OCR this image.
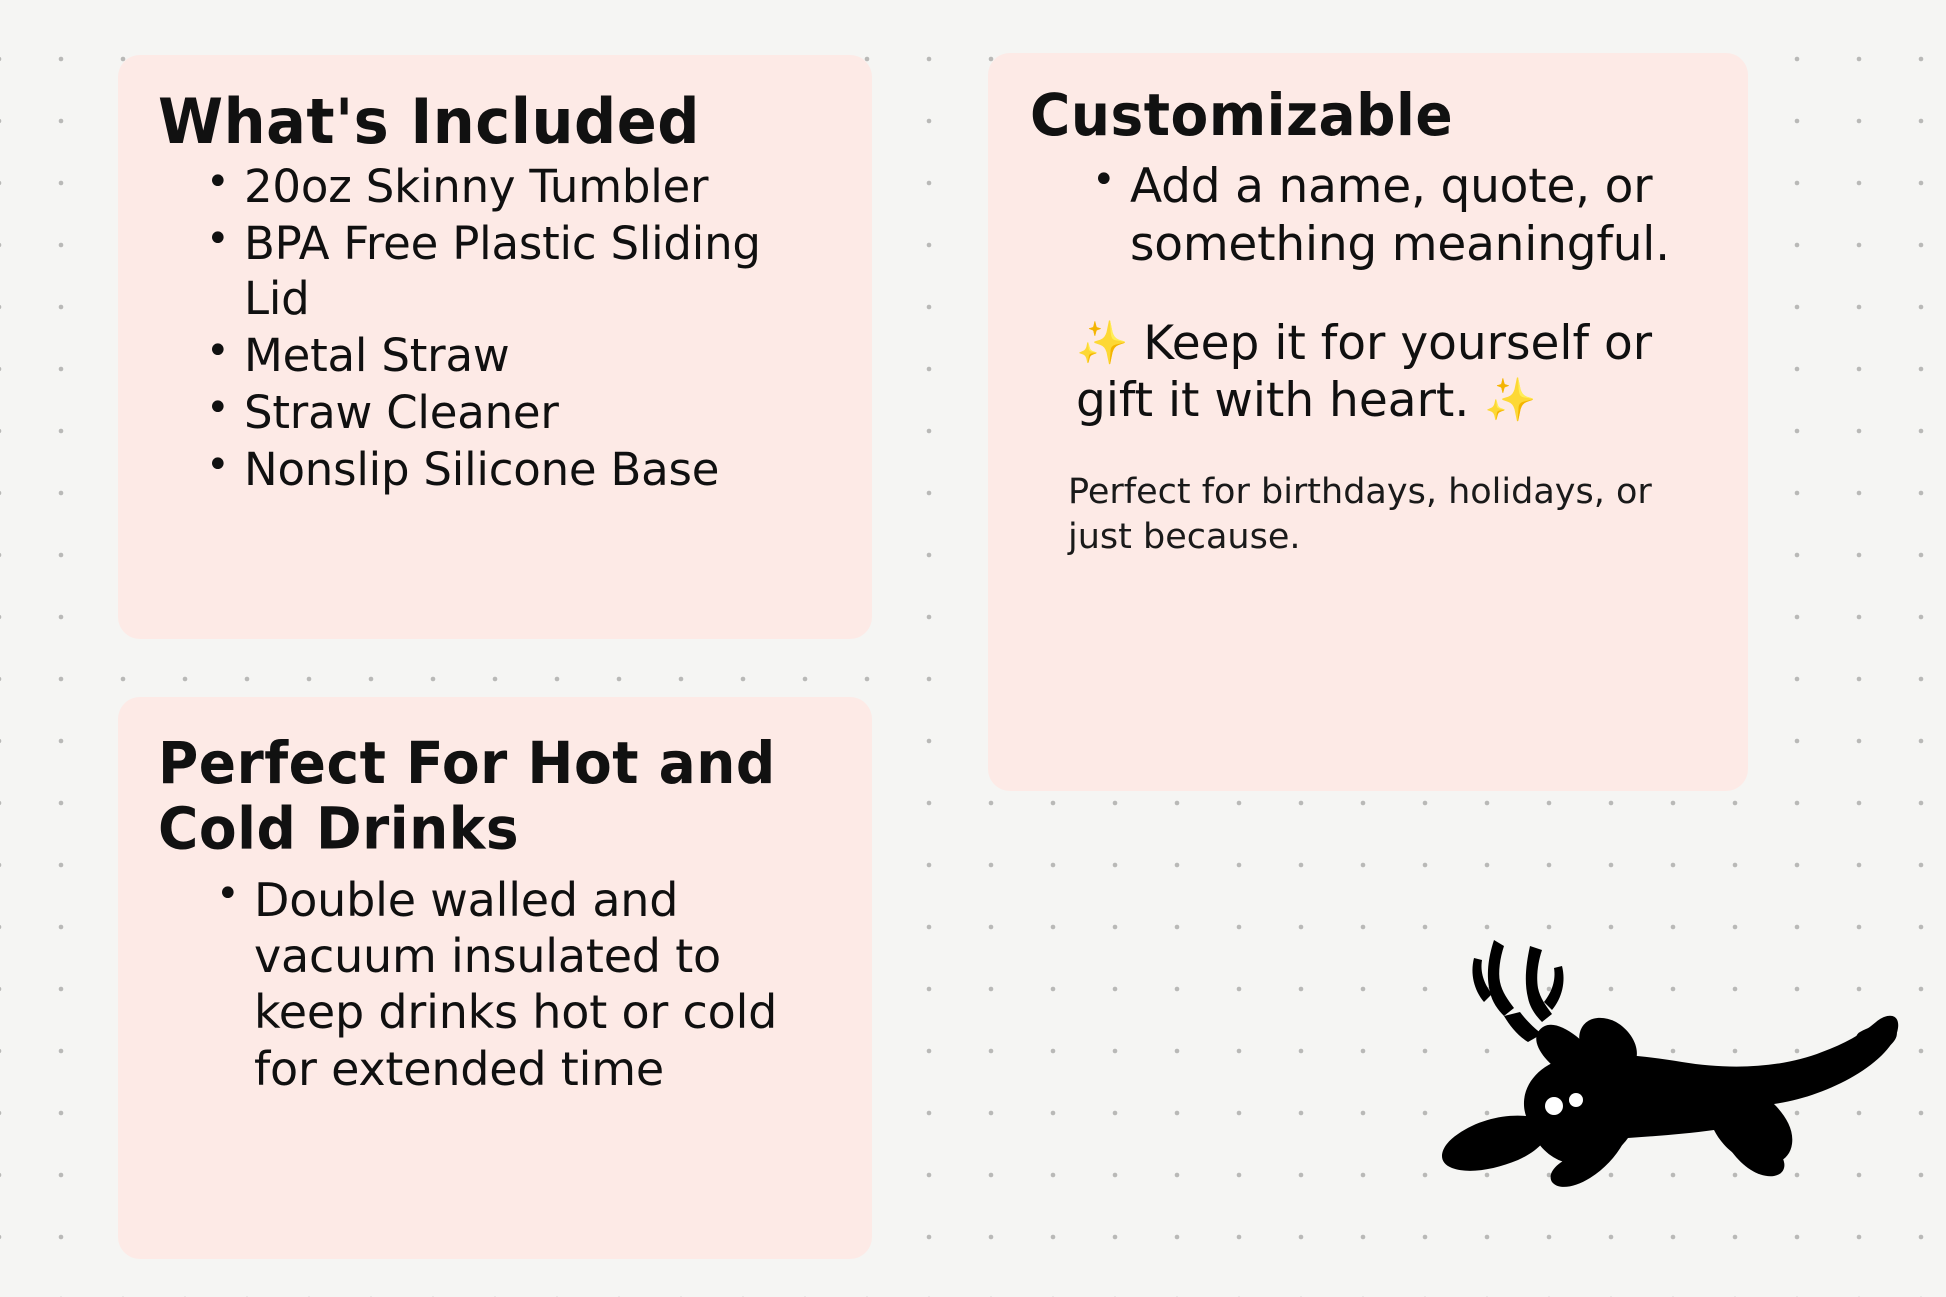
What's Included
• 20oz Skinny Tumbler
• BPA Free Plastic Sliding Lid
• Metal Straw
• Straw Cleaner
• Nonslip Silicone Base
Perfect For Hot and Cold Drinks
• Double walled and vacuum insulated to keep drinks hot or cold for extended time
Customizable
• Add a name, quote, or something meaningful.

✨ Keep it for yourself or gift it with heart. ✨

Perfect for birthdays, holidays, or just because.
